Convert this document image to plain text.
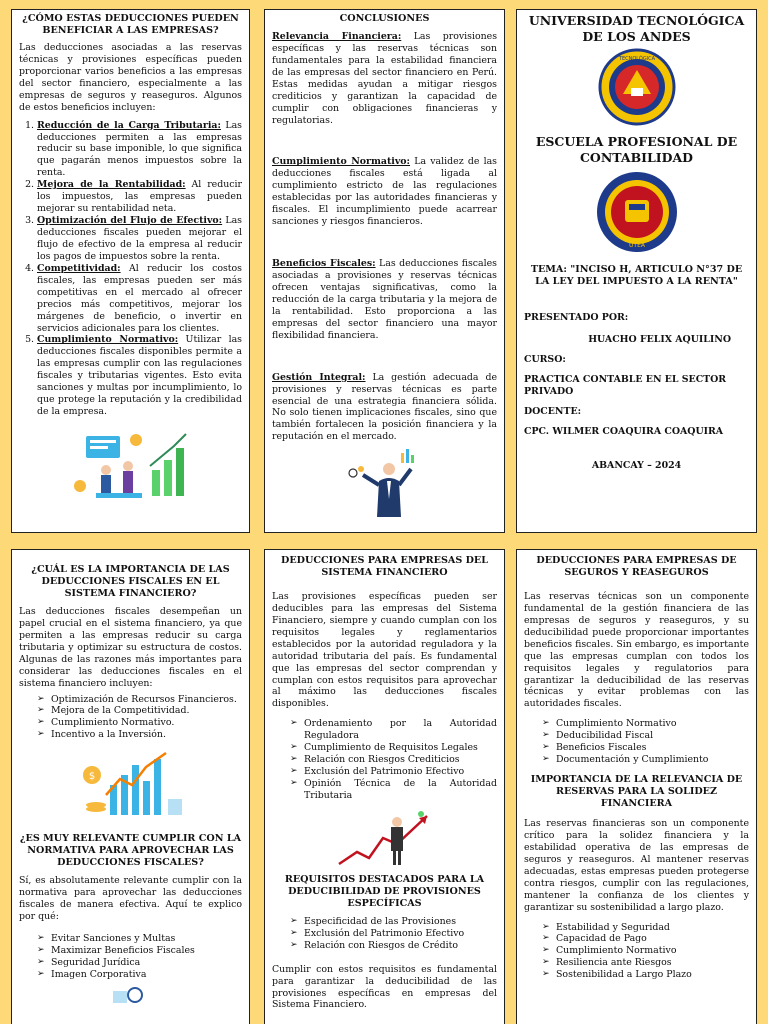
¿CÓMO ESTAS DEDUCCIONES PUEDEN BENEFICIAR A LAS EMPRESAS?

Las deducciones asociadas a las reservas técnicas y provisiones específicas pueden proporcionar varios beneficios a las empresas del sector financiero, especialmente a las empresas de seguros y reaseguros. Algunos de estos beneficios incluyen:

1. Reducción de la Carga Tributaria: Las deducciones permiten a las empresas reducir su base imponible, lo que significa que pagarán menos impuestos sobre la renta.
2. Mejora de la Rentabilidad: Al reducir los impuestos, las empresas pueden mejorar su rentabilidad neta.
3. Optimización del Flujo de Efectivo: Las deducciones fiscales pueden mejorar el flujo de efectivo de la empresa al reducir los pagos de impuestos sobre la renta.
4. Competitividad: Al reducir los costos fiscales, las empresas pueden ser más competitivas en el mercado al ofrecer precios más competitivos, mejorar los márgenes de beneficio, o invertir en servicios adicionales para los clientes.
5. Cumplimiento Normativo: Utilizar las deducciones fiscales disponibles permite a las empresas cumplir con las regulaciones fiscales y tributarias vigentes. Esto evita sanciones y multas por incumplimiento, lo que protege la reputación y la credibilidad de la empresa.
CONCLUSIONES

Relevancia Financiera: Las provisiones específicas y las reservas técnicas son fundamentales para la estabilidad financiera de las empresas del sector financiero en Perú. Estas medidas ayudan a mitigar riesgos crediticios y garantizan la capacidad de cumplir con obligaciones financieras y regulatorias.

Cumplimiento Normativo: La validez de las deducciones fiscales está ligada al cumplimiento estricto de las regulaciones establecidas por las autoridades financieras y fiscales. El incumplimiento puede acarrear sanciones y riesgos financieros.

Beneficios Fiscales: Las deducciones fiscales asociadas a provisiones y reservas técnicas ofrecen ventajas significativas, como la reducción de la carga tributaria y la mejora de la rentabilidad. Esto proporciona a las empresas del sector financiero una mayor flexibilidad financiera.

Gestión Integral: La gestión adecuada de provisiones y reservas técnicas es parte esencial de una estrategia financiera sólida. No solo tienen implicaciones fiscales, sino que también fortalecen la posición financiera y la reputación en el mercado.

UNIVERSIDAD TECNOLÓGICA DE LOS ANDES
TECNOLÓGICA
ESCUELA PROFESIONAL DE CONTABILIDAD
UTEA
TEMA: "INCISO H, ARTICULO N°37 DE LA LEY DEL IMPUESTO A LA RENTA"
PRESENTADO POR:
HUACHO FELIX AQUILINO
CURSO:
PRACTICA CONTABLE EN EL SECTOR PRIVADO
DOCENTE:
CPC. WILMER COAQUIRA COAQUIRA
ABANCAY – 2024
¿CUÁL ES LA IMPORTANCIA DE LAS DEDUCCIONES FISCALES EN EL SISTEMA FINANCIERO?

Las deducciones fiscales desempeñan un papel crucial en el sistema financiero, ya que permiten a las empresas reducir su carga tributaria y optimizar su estructura de costos. Algunas de las razones más importantes para considerar las deducciones fiscales en el sistema financiero incluyen:

➢ Optimización de Recursos Financieros.
➢ Mejora de la Competitividad.
➢ Cumplimiento Normativo.
➢ Incentivo a la Inversión.
$
¿ES MUY RELEVANTE CUMPLIR CON LA NORMATIVA PARA APROVECHAR LAS DEDUCCIONES FISCALES?

Sí, es absolutamente relevante cumplir con la normativa para aprovechar las deducciones fiscales de manera efectiva. Aquí te explico por qué:

➢ Evitar Sanciones y Multas
➢ Maximizar Beneficios Fiscales
➢ Seguridad Jurídica
➢ Imagen Corporativa
DEDUCCIONES PARA EMPRESAS DEL SISTEMA FINANCIERO

Las provisiones específicas pueden ser deducibles para las empresas del Sistema Financiero, siempre y cuando cumplan con los requisitos legales y reglamentarios establecidos por la autoridad reguladora y la autoridad tributaria del país. Es fundamental que las empresas del sector comprendan y cumplan con estos requisitos para aprovechar al máximo las deducciones fiscales disponibles.

➢ Ordenamiento por la Autoridad Reguladora
➢ Cumplimiento de Requisitos Legales
➢ Relación con Riesgos Crediticios
➢ Exclusión del Patrimonio Efectivo
➢ Opinión Técnica de la Autoridad Tributaria
REQUISITOS DESTACADOS PARA LA DEDUCIBILIDAD DE PROVISIONES ESPECÍFICAS
➢ Especificidad de las Provisiones
➢ Exclusión del Patrimonio Efectivo
➢ Relación con Riesgos de Crédito

Cumplir con estos requisitos es fundamental para garantizar la deducibilidad de las provisiones específicas en empresas del Sistema Financiero.

DEDUCCIONES PARA EMPRESAS DE SEGUROS Y REASEGUROS

Las reservas técnicas son un componente fundamental de la gestión financiera de las empresas de seguros y reaseguros, y su deducibilidad puede proporcionar importantes beneficios fiscales. Sin embargo, es importante que las empresas cumplan con todos los requisitos legales y regulatorios para garantizar la deducibilidad de las reservas técnicas y evitar problemas con las autoridades fiscales.

➢ Cumplimiento Normativo
➢ Deducibilidad Fiscal
➢ Beneficios Fiscales
➢ Documentación y Cumplimiento
IMPORTANCIA DE LA RELEVANCIA DE RESERVAS PARA LA SOLIDEZ FINANCIERA

Las reservas financieras son un componente crítico para la solidez financiera y la estabilidad operativa de las empresas de seguros y reaseguros. Al mantener reservas adecuadas, estas empresas pueden protegerse contra riesgos, cumplir con las regulaciones, mantener la confianza de los clientes y garantizar su sostenibilidad a largo plazo.

➢ Estabilidad y Seguridad
➢ Capacidad de Pago
➢ Cumplimiento Normativo
➢ Resiliencia ante Riesgos
➢ Sostenibilidad a Largo Plazo
